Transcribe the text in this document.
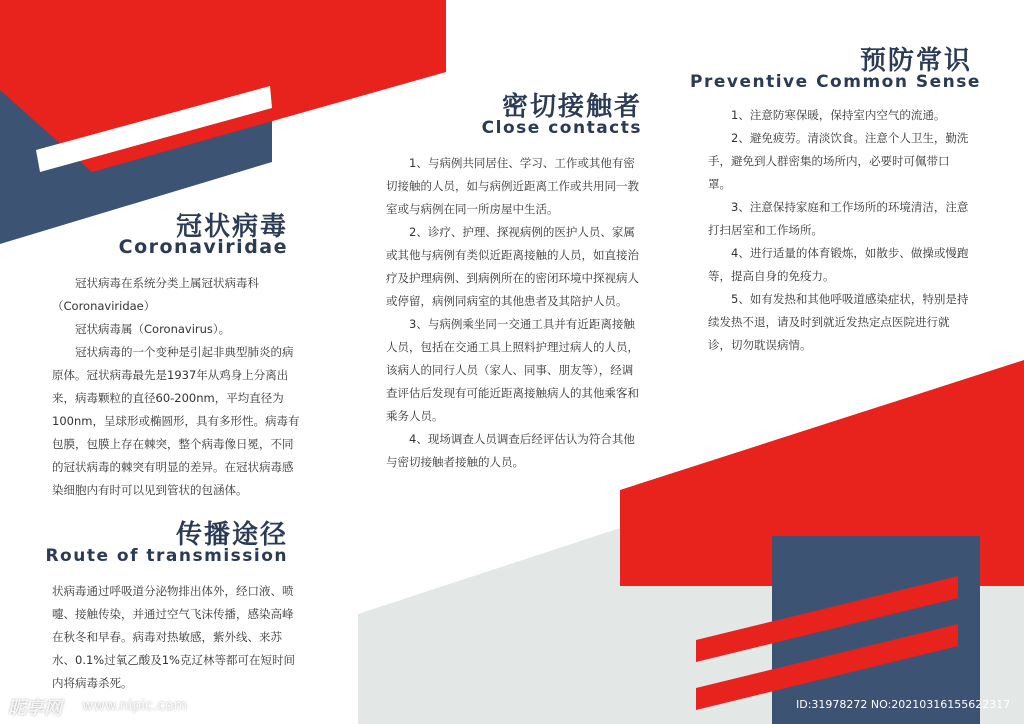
冠状病毒
Coronaviridae

冠状病毒在系统分类上属冠状病毒科

（Coronaviridae）

冠状病毒属（Coronavirus）。

冠状病毒的一个变种是引起非典型肺炎的病原体。冠状病毒最先是1937年从鸡身上分离出来，病毒颗粒的直径60-200nm，平均直径为100nm，呈球形或椭圆形，具有多形性。病毒有包膜，包膜上存在棘突，整个病毒像日冕，不同的冠状病毒的棘突有明显的差异。在冠状病毒感染细胞内有时可以见到管状的包涵体。

传播途径
Route of transmission

状病毒通过呼吸道分泌物排出体外，经口液、喷嚏、接触传染，并通过空气飞沫传播，感染高峰在秋冬和早春。病毒对热敏感，紫外线、来苏水、0.1%过氧乙酸及1%克辽林等都可在短时间内将病毒杀死。

密切接触者
Close contacts

1、与病例共同居住、学习、工作或其他有密切接触的人员，如与病例近距离工作或共用同一教室或与病例在同一所房屋中生活。

2、诊疗、护理、探视病例的医护人员、家属或其他与病例有类似近距离接触的人员，如直接治疗及护理病例、到病例所在的密闭环境中探视病人或停留，病例同病室的其他患者及其陪护人员。

3、与病例乘坐同一交通工具并有近距离接触人员，包括在交通工具上照料护理过病人的人员，该病人的同行人员（家人、同事、朋友等），经调查评估后发现有可能近距离接触病人的其他乘客和乘务人员。

4、现场调查人员调查后经评估认为符合其他与密切接触者接触的人员。

预防常识
Preventive Common Sense

1、注意防寒保暖，保持室内空气的流通。

2、避免疲劳。清淡饮食。注意个人卫生，勤洗手，避免到人群密集的场所内，必要时可佩带口罩。

3、注意保持家庭和工作场所的环境清洁，注意打扫居室和工作场所。

4、进行适量的体育锻炼，如散步、做操或慢跑等，提高自身的免疫力。

5、如有发热和其他呼吸道感染症状，特别是持续发热不退，请及时到就近发热定点医院进行就诊，切勿耽误病情。

昵享网 www.nipic.com	ID:31978272 NO:20210316155622317
